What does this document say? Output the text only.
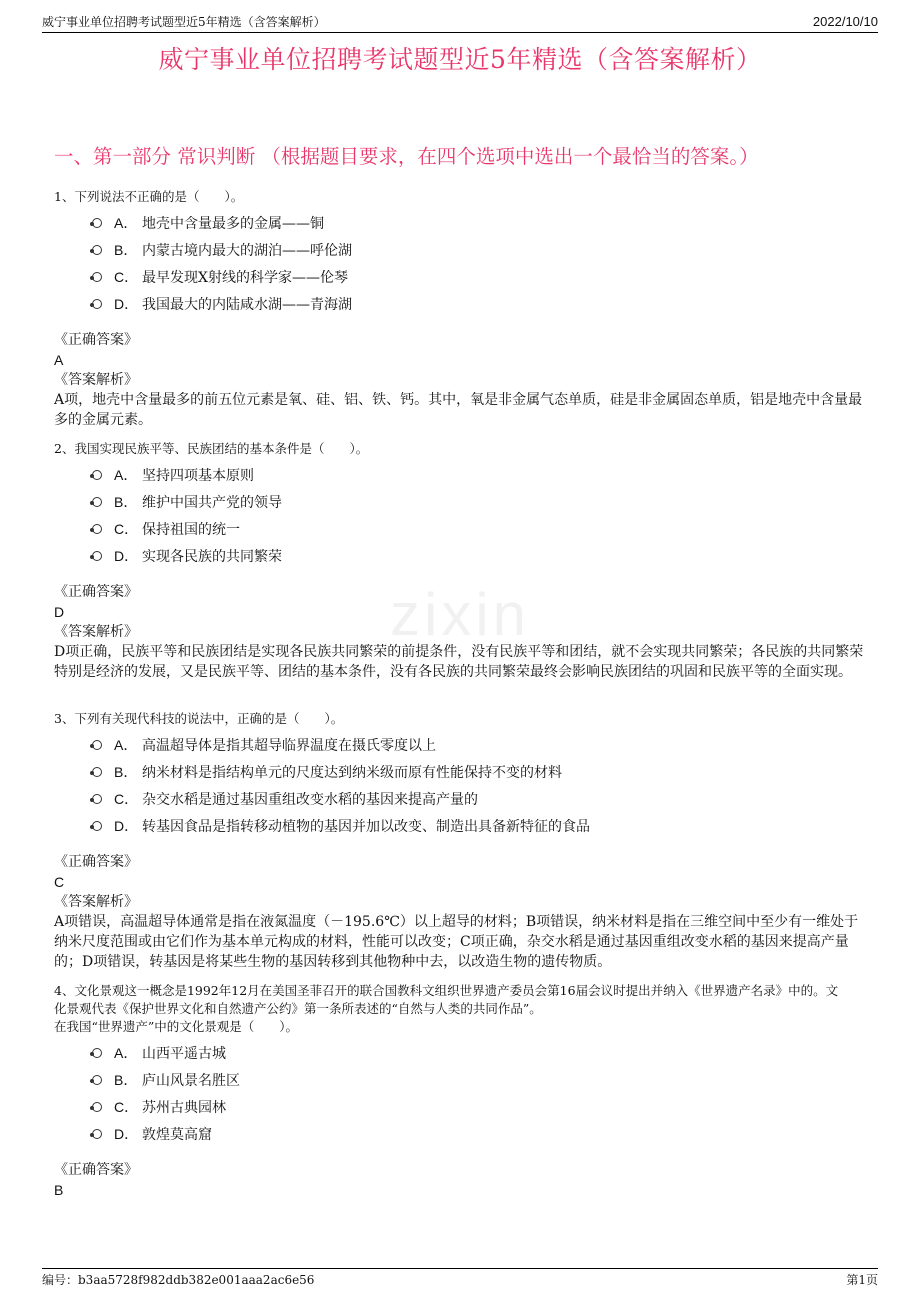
威宁事业单位招聘考试题型近5年精选（含答案解析）	2022/10/10
威宁事业单位招聘考试题型近5年精选（含答案解析）
一、第一部分 常识判断 （根据题目要求，在四个选项中选出一个最恰当的答案。）
zixin

1、下列说法不正确的是（　　）。

A． 地壳中含量最多的金属——铜
B． 内蒙古境内最大的湖泊——呼伦湖
C． 最早发现X射线的科学家——伦琴
D． 我国最大的内陆咸水湖——青海湖
《正确答案》
A
《答案解析》

A项，地壳中含量最多的前五位元素是氧、硅、铝、铁、钙。其中，氧是非金属气态单质，硅是非金属固态单质，铝是地壳中含量最多的金属元素。

2、我国实现民族平等、民族团结的基本条件是（　　）。

A． 坚持四项基本原则
B． 维护中国共产党的领导
C． 保持祖国的统一
D． 实现各民族的共同繁荣
《正确答案》
D
《答案解析》

D项正确，民族平等和民族团结是实现各民族共同繁荣的前提条件，没有民族平等和团结，就不会实现共同繁荣；各民族的共同繁荣特别是经济的发展，又是民族平等、团结的基本条件，没有各民族的共同繁荣最终会影响民族团结的巩固和民族平等的全面实现。

3、下列有关现代科技的说法中，正确的是（　　）。

A． 高温超导体是指其超导临界温度在摄氏零度以上
B． 纳米材料是指结构单元的尺度达到纳米级而原有性能保持不变的材料
C． 杂交水稻是通过基因重组改变水稻的基因来提高产量的
D． 转基因食品是指转移动植物的基因并加以改变、制造出具备新特征的食品
《正确答案》
C
《答案解析》

A项错误，高温超导体通常是指在液氮温度（－195.6℃）以上超导的材料；B项错误，纳米材料是指在三维空间中至少有一维处于纳米尺度范围或由它们作为基本单元构成的材料，性能可以改变；C项正确，杂交水稻是通过基因重组改变水稻的基因来提高产量的；D项错误，转基因是将某些生物的基因转移到其他物种中去，以改造生物的遗传物质。

4、文化景观这一概念是1992年12月在美国圣菲召开的联合国教科文组织世界遗产委员会第16届会议时提出并纳入《世界遗产名录》中的。文
化景观代表《保护世界文化和自然遗产公约》第一条所表述的“自然与人类的共同作品”。
在我国“世界遗产”中的文化景观是（　　）。

A． 山西平遥古城
B． 庐山风景名胜区
C． 苏州古典园林
D． 敦煌莫高窟
《正确答案》
B
编号：b3aa5728f982ddb382e001aaa2ac6e56	第1页
